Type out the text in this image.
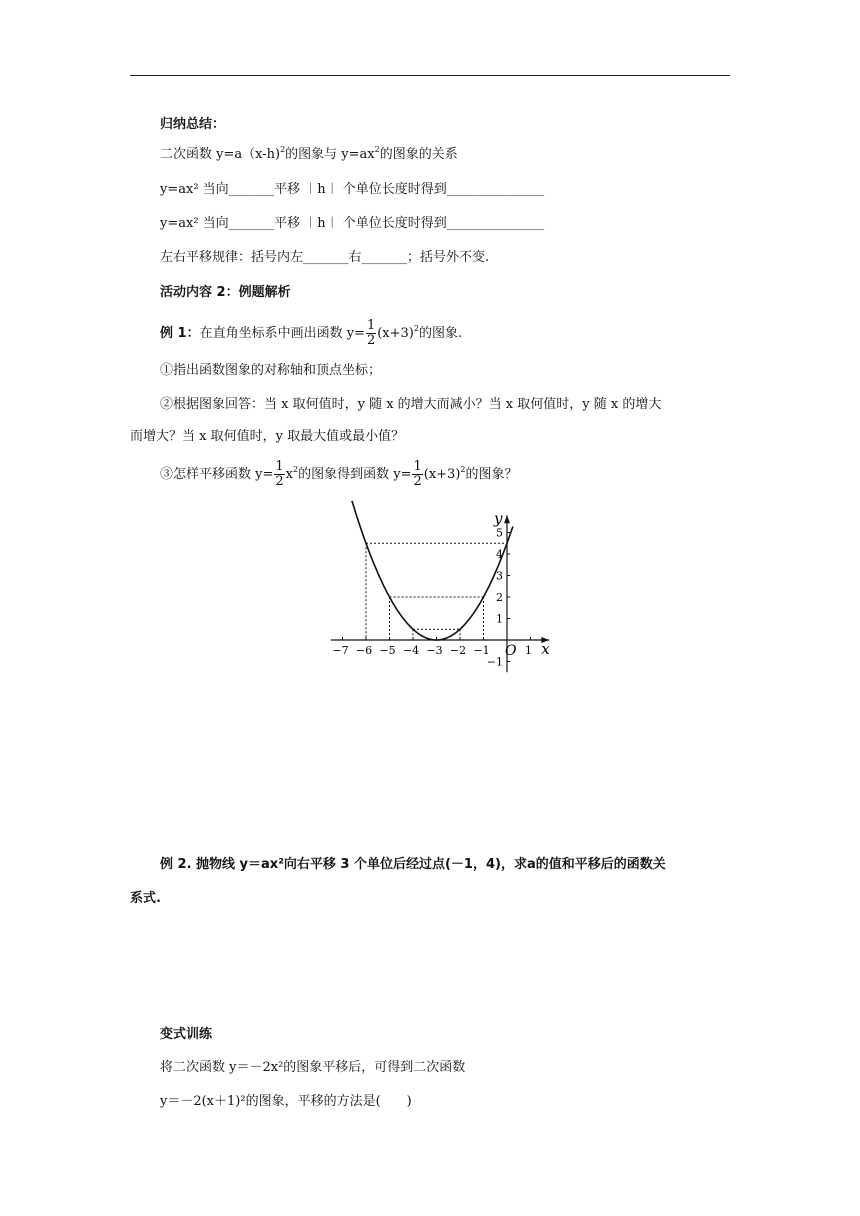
归纳总结：
二次函数 y=a（x-h)$^2$的图象与 $y=ax^2$的图象的关系
y=ax² 当向_______平移 ︱h︱ 个单位长度时得到_______________
y=ax² 当向_______平移 ︱h︱ 个单位长度时得到_______________
左右平移规律：括号内左_______右_______；括号外不变.
活动内容 2：例题解析
例 1：在直角坐标系中画出函数 $y= \frac{1}{2} (x+3)^2$的图象.
①指出函数图象的对称轴和顶点坐标；
②根据图象回答：当 x 取何值时，y 随 x 的增大而减小？当 x 取何值时，y 随 x 的增大
而增大？当 x 取何值时，y 取最大值或最小值？
③怎样平移函数 $y= \frac{1}{2} x^2$的图象得到函数 $y= \frac{1}{2} (x+3)^2$的图象？
−7 −6 −5 −4 −3 −2 −1	1
5
4
3
2
1
−1
x
y
O
例 2. 抛物线 y＝ax²向右平移 3 个单位后经过点(－1，4)，求a的值和平移后的函数关
系式.
变式训练
将二次函数 y＝－2x²的图象平移后，可得到二次函数
y＝－2(x＋1)²的图象，平移的方法是(　　)
